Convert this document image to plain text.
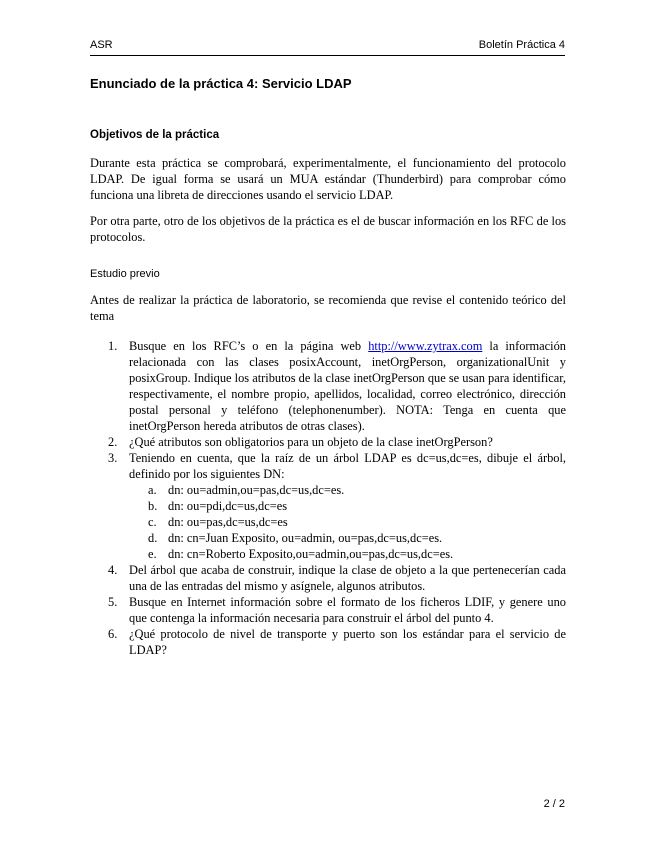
ASR	Boletín Práctica 4
Enunciado de la práctica 4: Servicio LDAP
Objetivos de la práctica

Durante esta práctica se comprobará, experimentalmente, el funcionamiento del protocolo LDAP. De igual forma se usará un MUA estándar (Thunderbird) para comprobar cómo funciona una libreta de direcciones usando el servicio LDAP.

Por otra parte, otro de los objetivos de la práctica es el de buscar información en los RFC de los protocolos.

Estudio previo

Antes de realizar la práctica de laboratorio, se recomienda que revise el contenido teórico del tema

1. Busque en los RFC’s o en la página web http://www.zytrax.com la información relacionada con las clases posixAccount, inetOrgPerson, organizationalUnit y posixGroup. Indique los atributos de la clase inetOrgPerson que se usan para identificar, respectivamente, el nombre propio, apellidos, localidad, correo electrónico, dirección postal personal y teléfono (telephonenumber). NOTA: Tenga en cuenta que inetOrgPerson hereda atributos de otras clases).
2. ¿Qué atributos son obligatorios para un objeto de la clase inetOrgPerson?
3. Teniendo en cuenta, que la raíz de un árbol LDAP es dc=us,dc=es, dibuje el árbol, definido por los siguientes DN:
a. dn: ou=admin,ou=pas,dc=us,dc=es.
b. dn: ou=pdi,dc=us,dc=es
c. dn: ou=pas,dc=us,dc=es
d. dn: cn=Juan Exposito, ou=admin, ou=pas,dc=us,dc=es.
e. dn: cn=Roberto Exposito,ou=admin,ou=pas,dc=us,dc=es.
4. Del árbol que acaba de construir, indique la clase de objeto a la que pertenecerían cada una de las entradas del mismo y asígnele, algunos atributos.
5. Busque en Internet información sobre el formato de los ficheros LDIF, y genere uno que contenga la información necesaria para construir el árbol del punto 4.
6. ¿Qué protocolo de nivel de transporte y puerto son los estándar para el servicio de LDAP?
2 / 2
